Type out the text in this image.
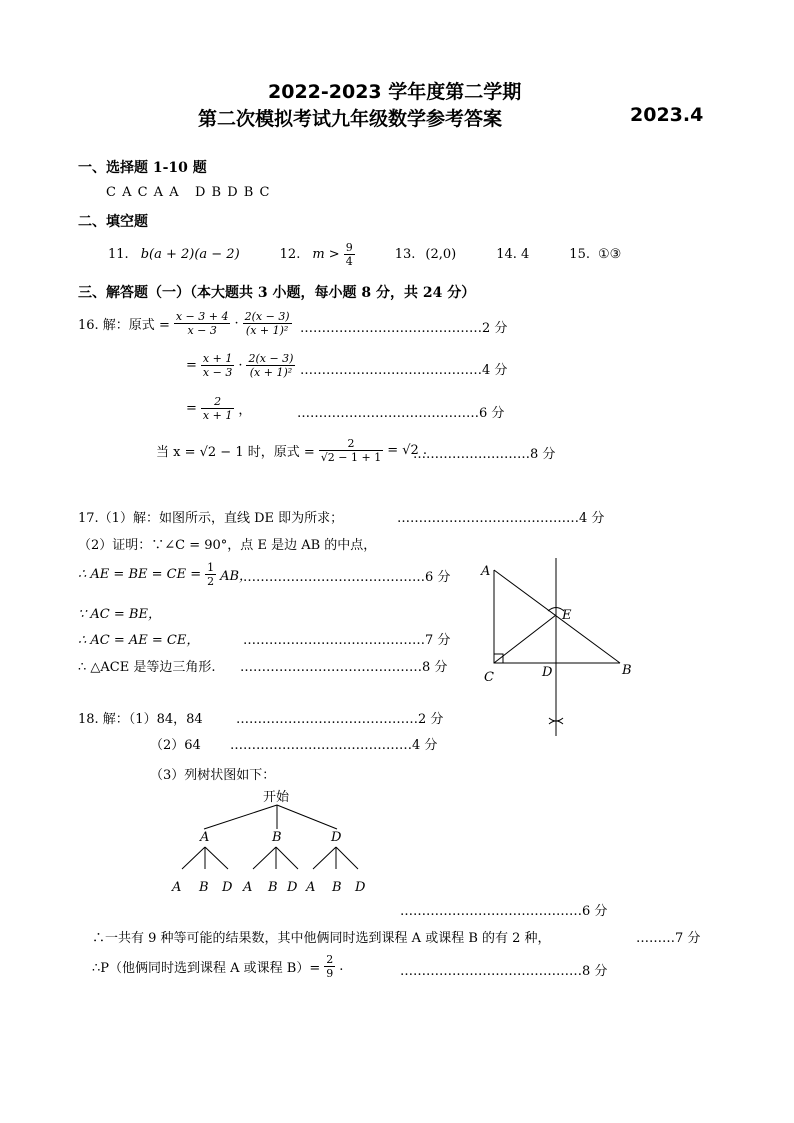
2022-2023 学年度第二学期
第二次模拟考试九年级数学参考答案	2023.4
一、选择题 1-10 题
C A C A A   D B D B C
二、填空题
11. b(a + 2)(a − 2)	12. $m > \frac{9}{4}$	13. (2,0)	14. 4	15. ①③
三、解答题（一）（本大题共 3 小题，每小题 8 分，共 24 分）
16. 解：原式 = $\frac{x - 3 + 4}{x - 3} \cdot \frac{2(x - 3)}{\text{(x + 1)²}}$ ……………………………………2 分
= $\frac{x + 1}{x - 3} \cdot \frac{2(x - 3)}{\text{(x + 1)²}}$ ……………………………………4 分
= $\frac{2}{x + 1}$ ，	……………………………………6 分
当 x = √2 − 1 时，原式 = $\frac{2}{√2 - 1 + 1} = √2$ .
………………………8 分
17.（1）解：如图所示，直线 DE 即为所求；	……………………………………4 分
（2）证明：∵∠C = 90°，点 E 是边 AB 的中点，
∴ AE = BE = CE = $\frac{1}{2}$ AB，
……………………………………6 分
∵ AC = BE，
∴ AC = AE = CE，	……………………………………7 分
∴ △ACE 是等边三角形. ……………………………………8 分
A
E
C	D	B
18. 解：（1）84，84	……………………………………2 分
（2）64 ……………………………………4 分
（3）列树状图如下：
开始
A	B	D
A B D A B D A B D
……………………………………6 分
∴一共有 9 种等可能的结果数，其中他俩同时选到课程 A 或课程 B 的有 2 种，	………7 分
∴P（他俩同时选到课程 A 或课程 $B)= \frac{2}{9}$ .	……………………………………8 分
